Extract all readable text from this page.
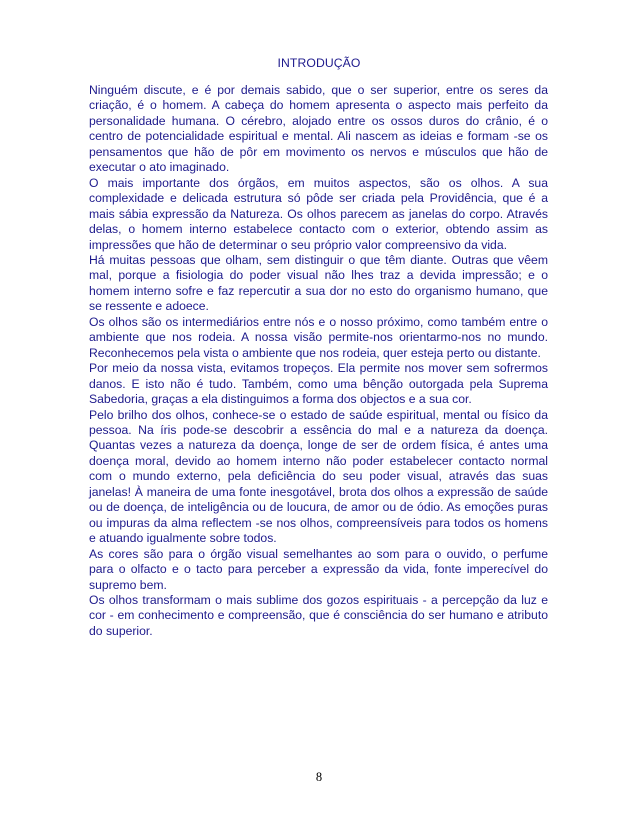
INTRODUÇÃO

Ninguém discute, e é por demais sabido, que o ser superior, entre os seres da criação, é o homem. A cabeça do homem apresenta o aspecto mais perfeito da personalidade humana. O cérebro, alojado entre os ossos duros do crânio, é o centro de potencialidade espiritual e mental. Ali nascem as ideias e formam -se os pensamentos que hão de pôr em movimento os nervos e músculos que hão de executar o ato imaginado.

O mais importante dos órgãos, em muitos aspectos, são os olhos. A sua complexidade e delicada estrutura só pôde ser criada pela Providência, que é a mais sábia expressão da Natureza. Os olhos parecem as janelas do corpo. Através delas, o homem interno estabelece contacto com o exterior, obtendo assim as impressões que hão de determinar o seu próprio valor compreensivo da vida.

Há muitas pessoas que olham, sem distinguir o que têm diante. Outras que vêem mal, porque a fisiologia do poder visual não lhes traz a devida impressão; e o homem interno sofre e faz repercutir a sua dor no esto do organismo humano, que se ressente e adoece.

Os olhos são os intermediários entre nós e o nosso próximo, como também entre o ambiente que nos rodeia. A nossa visão permite-nos orientarmo-nos no mundo. Reconhecemos pela vista o ambiente que nos rodeia, quer esteja perto ou distante.

Por meio da nossa vista, evitamos tropeços. Ela permite nos mover sem sofrermos danos. E isto não é tudo. Também, como uma bênção outorgada pela Suprema Sabedoria, graças a ela distinguimos a forma dos objectos e a sua cor.

Pelo brilho dos olhos, conhece-se o estado de saúde espiritual, mental ou físico da pessoa. Na íris pode-se descobrir a essência do mal e a natureza da doença. Quantas vezes a natureza da doença, longe de ser de ordem física, é antes uma doença moral, devido ao homem interno não poder estabelecer contacto normal com o mundo externo, pela deficiência do seu poder visual, através das suas janelas! À maneira de uma fonte inesgotável, brota dos olhos a expressão de saúde ou de doença, de inteligência ou de loucura, de amor ou de ódio. As emoções puras ou impuras da alma reflectem -se nos olhos, compreensíveis para todos os homens e atuando igualmente sobre todos.

As cores são para o órgão visual semelhantes ao som para o ouvido, o perfume para o olfacto e o tacto para perceber a expressão da vida, fonte imperecível do supremo bem.

Os olhos transformam o mais sublime dos gozos espirituais - a percepção da luz e cor - em conhecimento e compreensão, que é consciência do ser humano e atributo do superior.

8
